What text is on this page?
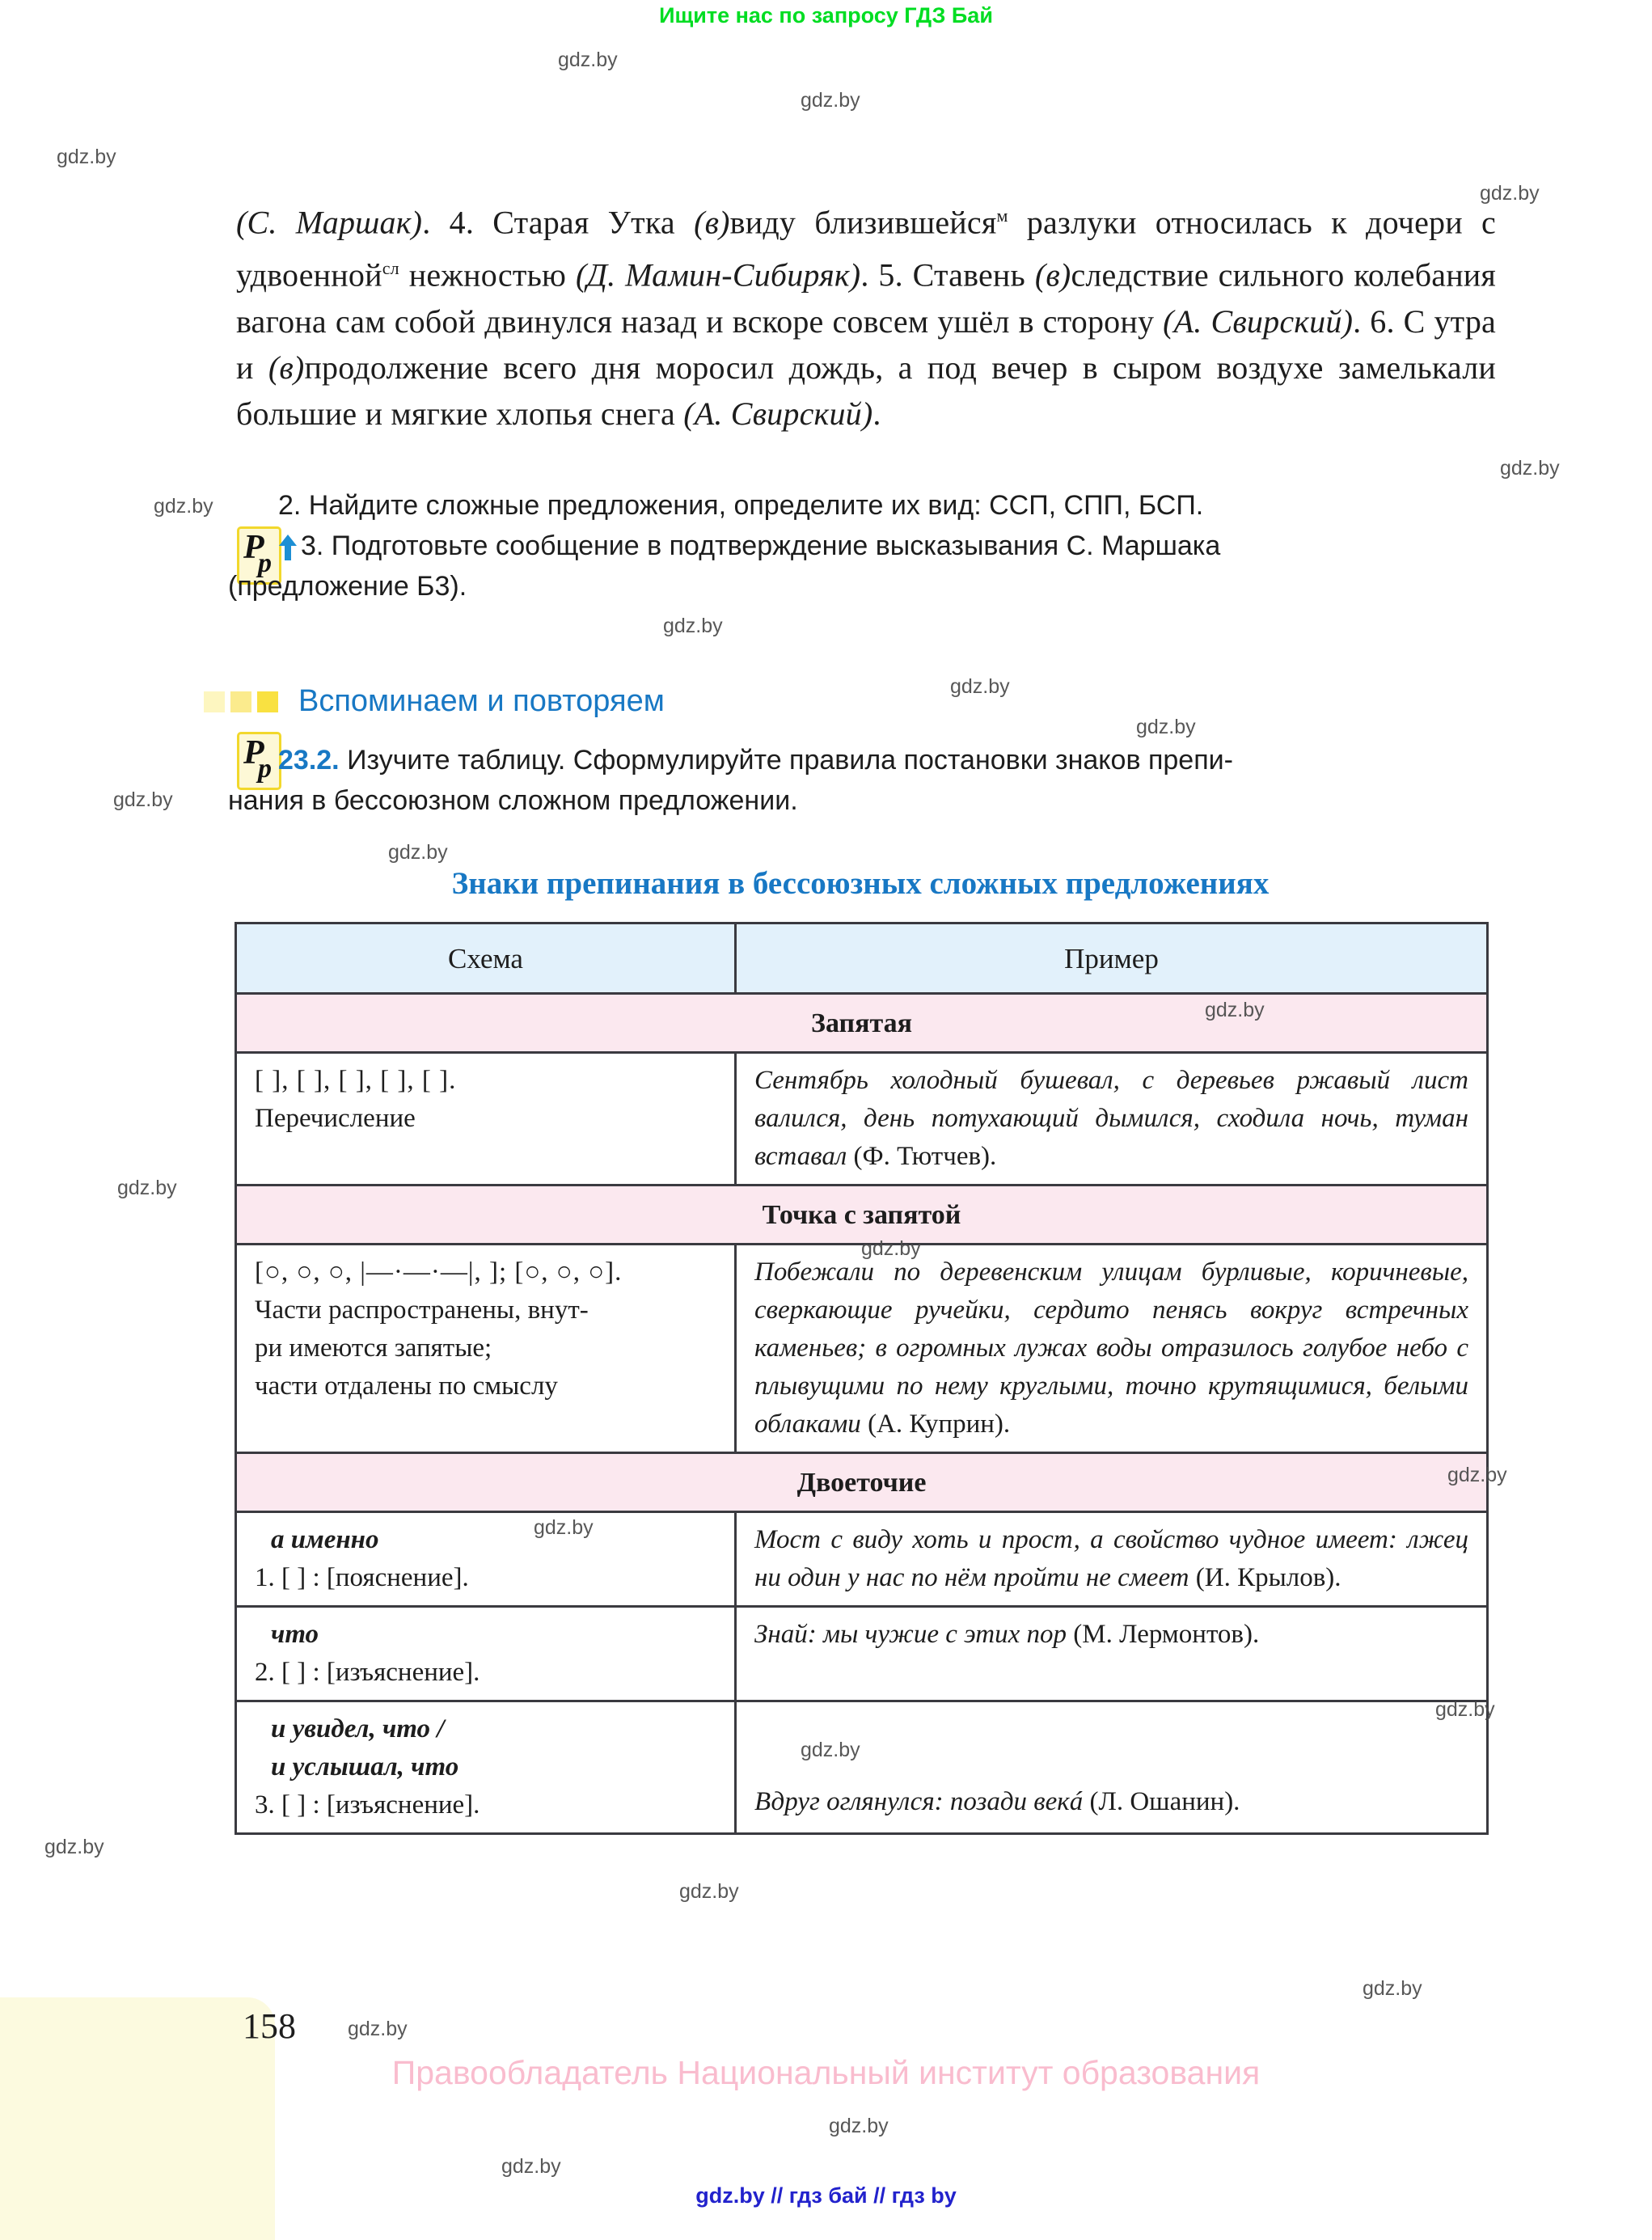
Ищите нас по запросу ГДЗ Бай
(С. Маршак). 4. Старая Утка (в)виду близившейся$^м$ разлуки относилась к дочери с удвоенной$^{сл}$ нежностью (Д. Мамин-Сибиряк). 5. Ставень (в)следствие сильного колебания вагона сам собой двинулся назад и вскоре совсем ушёл в сторону (А. Свирский). 6. С утра и (в)продолжение всего дня моросил дождь, а под вечер в сыром воздухе замелькали большие и мягкие хлопья снега (А. Свирский).
P
p
2. Найдите сложные предложения, определите их вид: ССП, СПП, БСП.
3. Подготовьте сообщение в подтверждение высказывания С. Маршака
(предложение Б3).
Вспоминаем и повторяем
P
p 23.2. Изучите таблицу. Сформулируйте правила постановки знаков препи-
нания в бессоюзном сложном предложении.
Знаки препинания в бессоюзных сложных предложениях
Схема	Пример
Запятая	

[ ], [ ], [ ], [ ], [ ].
Перечисление	Сентябрь холодный бушевал, с деревьев ржавый лист валился, день потухающий дымился, сходила ночь, туман вставал (Ф. Тютчев).
Точка с запятой	

[○, ○, ○, |—·—·—|, ]; [○, ○, ○].
Части распространены, внут-
ри имеются запятые;
части отдалены по смыслу
	Побежали по деревенским улицам бурливые, коричневые, сверкающие ручейки, сердито пенясь вокруг встречных каменьев; в огромных лужах воды отразилось голубое небо с плывущими по нему круглыми, точно крутящимися, белыми облаками (А. Куприн).
Двоеточие	

а именно
1. [ ] : [пояснение].	Мост с виду хоть и прост, а свойство чудное имеет: лжец ни один у нас по нём пройти не смеет (И. Крылов).

что
2. [ ] : [изъяснение].	Знай: мы чужие с этих пор (М. Лермонтов).

и увидел, что /
и услышал, что
3. [ ] : [изъяснение].	Вдруг оглянулся: позади векá (Л. Ошанин).
158
Правообладатель Национальный институт образования
gdz.by // гдз бай // гдз by
gdz.by
gdz.by
gdz.by
gdz.by
gdz.by
gdz.by
gdz.by
gdz.by
gdz.by
gdz.by
gdz.by
gdz.by
gdz.by
gdz.by
gdz.by
gdz.by
gdz.by
gdz.by
gdz.by
gdz.by
gdz.by
gdz.by
gdz.by
gdz.by
